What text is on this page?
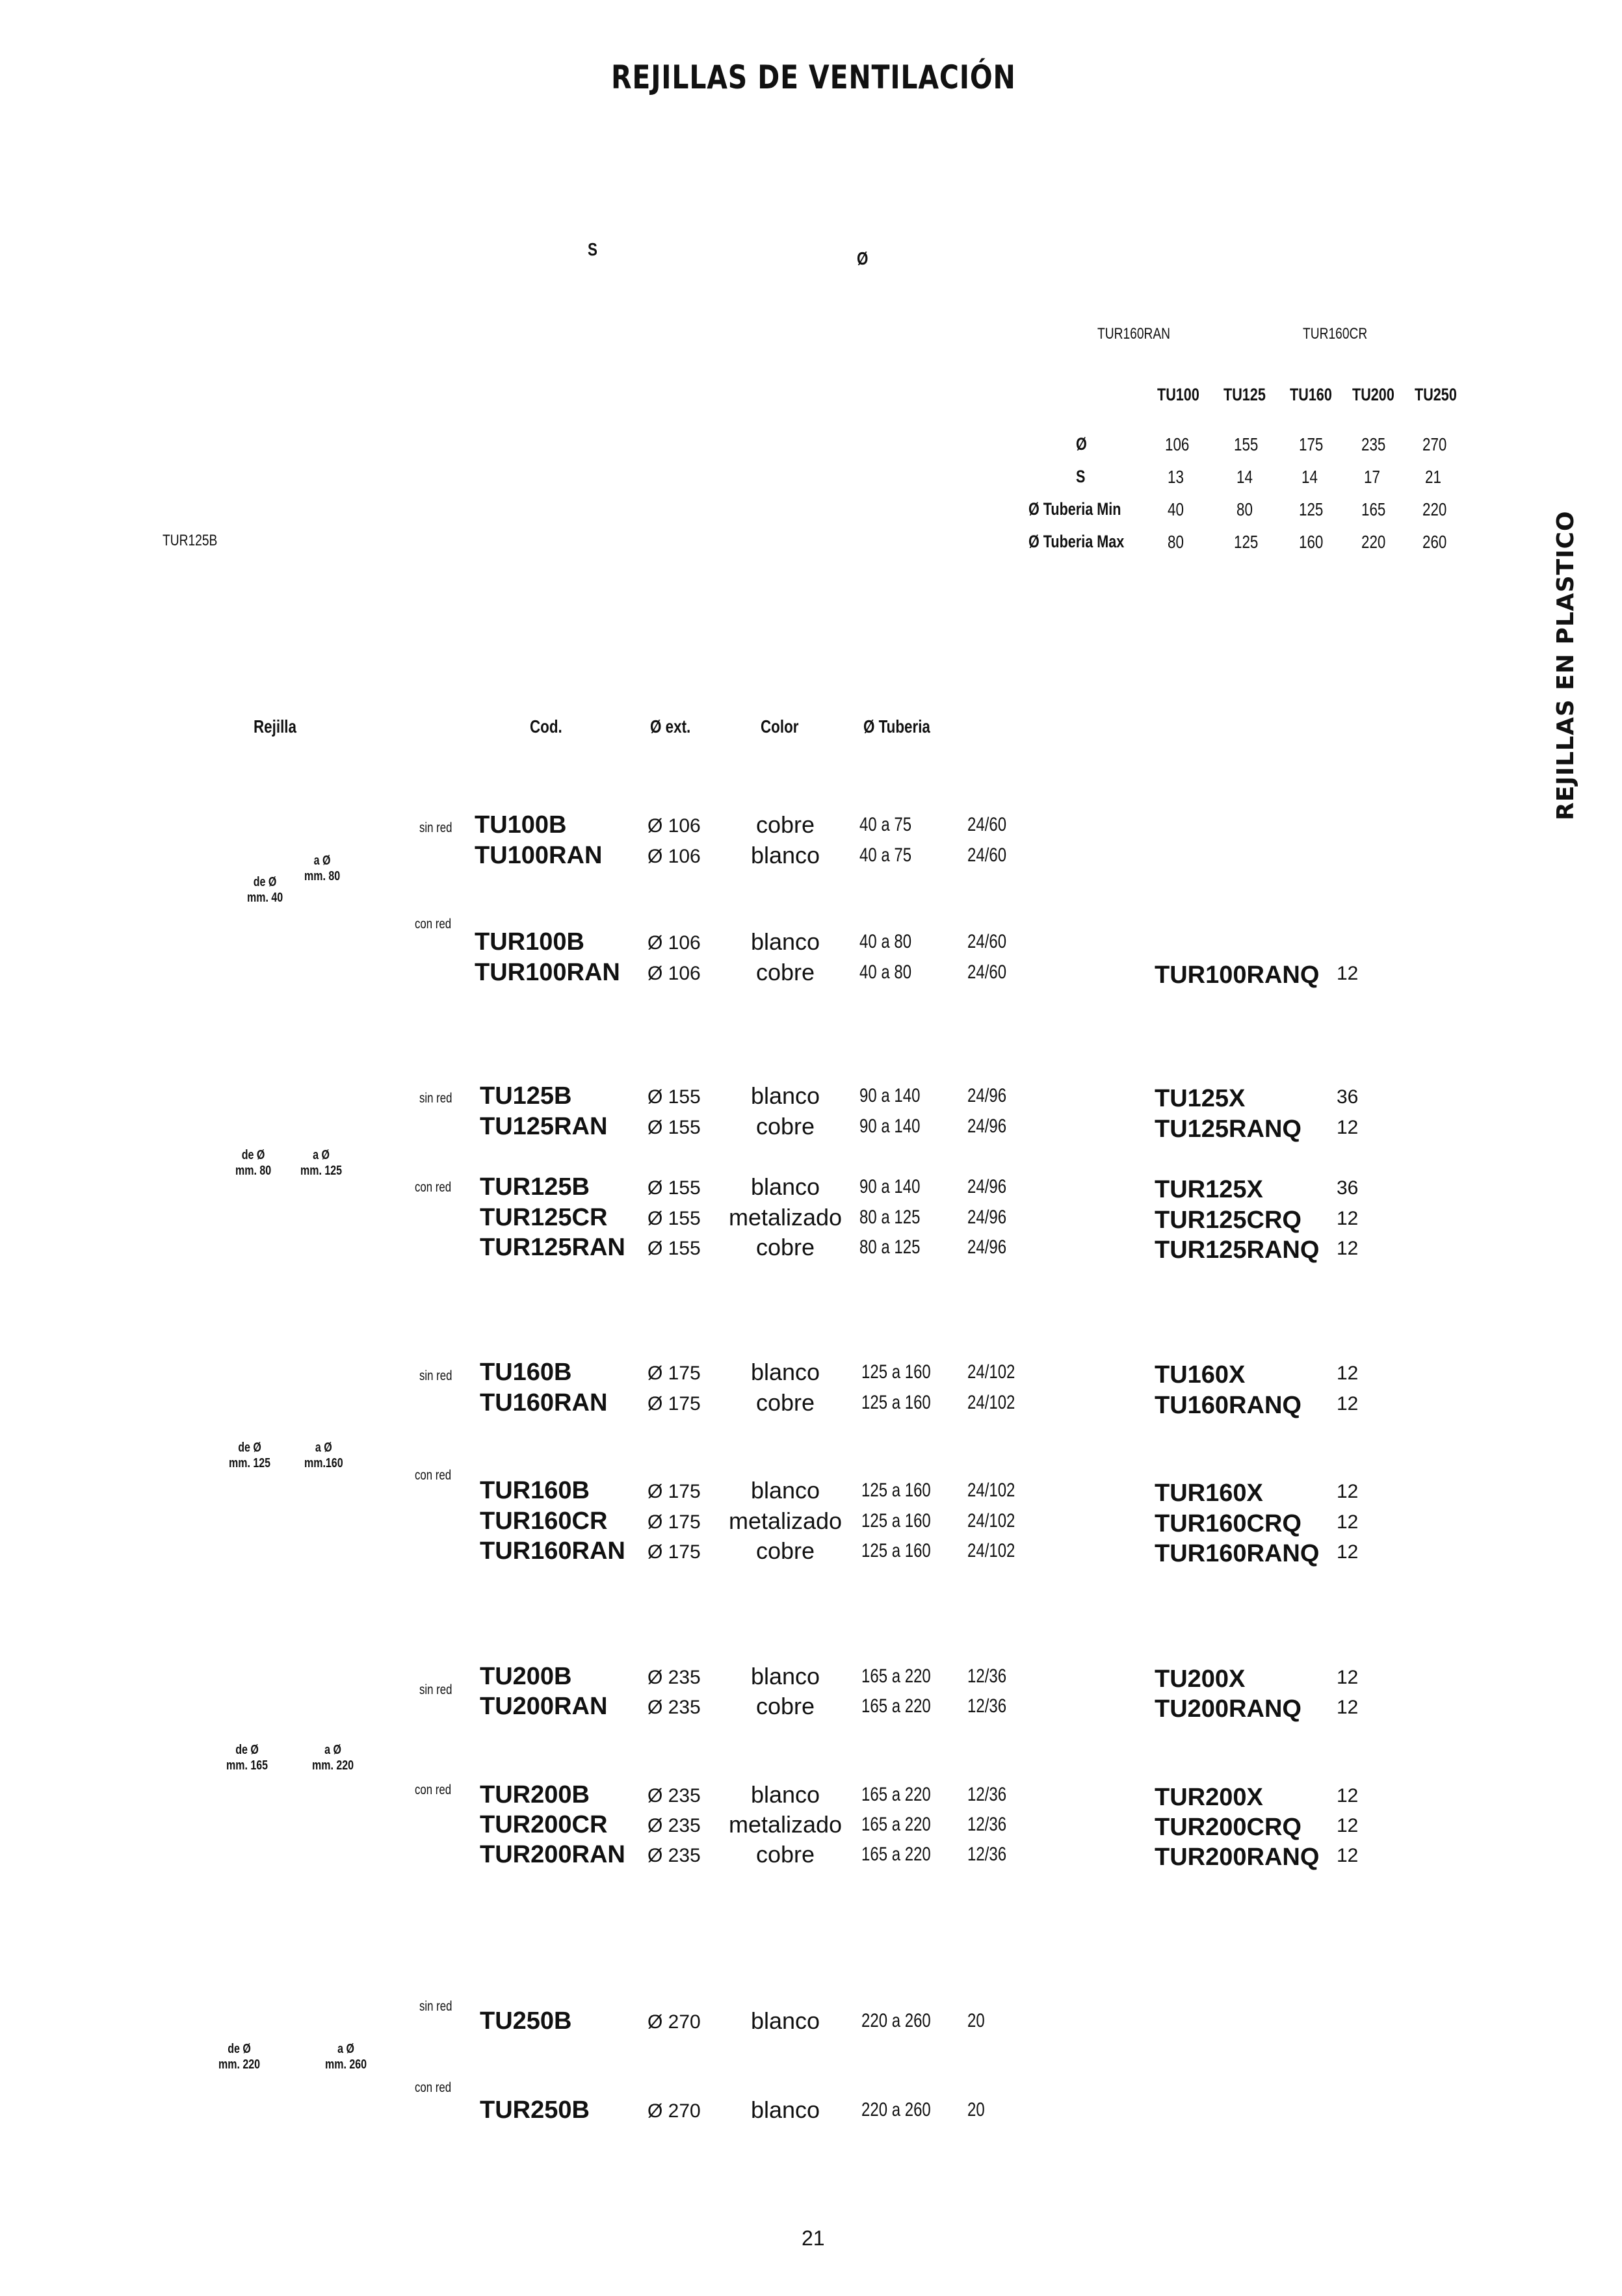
REJILLAS DE VENTILACIÓN
REJILLAS EN PLASTICO
S	Ø
TUR125B
TUR160RAN	TUR160CR
TU100 TU125 TU160 TU200 TU250
Ø	106 155 175 235 270
S	13	14	14	17 21
Ø Tuberia Min	40	80	125 165 220
Ø Tuberia Max 80	125 160 220 260
Rejilla	Cod.	Ø ext.	Color	Ø Tuberia
sin red
con red
de Ø
mm. 40
a Ø
mm. 80
TU100B	Ø 106 cobre 40 a 75	24/60
TU100RAN Ø 106 blanco 40 a 75	24/60
TUR100B	Ø 106 blanco 40 a 80	24/60
TUR100RAN Ø 106 cobre 40 a 80	24/60	TUR100RANQ 12
sin red
con red
de Ø
mm. 80
a Ø
mm. 125
TU125B	Ø 155 blanco 90 a 140 24/96	TU125X	36
TU125RAN Ø 155 cobre 90 a 140 24/96	TU125RANQ 12
TUR125B	Ø 155 blanco 90 a 140 24/96	TUR125X	36
TUR125CR Ø 155 metalizado 80 a 125 24/96	TUR125CRQ 12
TUR125RAN Ø 155 cobre 80 a 125 24/96	TUR125RANQ 12
sin red
con red
de Ø
mm. 125
a Ø
mm.160
TU160B	Ø 175 blanco 125 a 160 24/102	TU160X	12
TU160RAN Ø 175 cobre 125 a 160 24/102	TU160RANQ 12
TUR160B	Ø 175 blanco 125 a 160 24/102	TUR160X	12
TUR160CR Ø 175 metalizado 125 a 160 24/102	TUR160CRQ 12
TUR160RAN Ø 175 cobre 125 a 160 24/102	TUR160RANQ 12
sin red
con red
de Ø
mm. 165
a Ø
mm. 220
TU200B	Ø 235 blanco 165 a 220 12/36	TU200X	12
TU200RAN Ø 235 cobre 165 a 220 12/36	TU200RANQ 12
TUR200B	Ø 235 blanco 165 a 220 12/36	TUR200X	12
TUR200CR Ø 235 metalizado 165 a 220 12/36	TUR200CRQ 12
TUR200RAN Ø 235 cobre 165 a 220 12/36	TUR200RANQ 12
sin red
con red
de Ø
mm. 220
a Ø
mm. 260
TU250B	Ø 270 blanco 220 a 260 20
TUR250B	Ø 270 blanco 220 a 260 20
21
